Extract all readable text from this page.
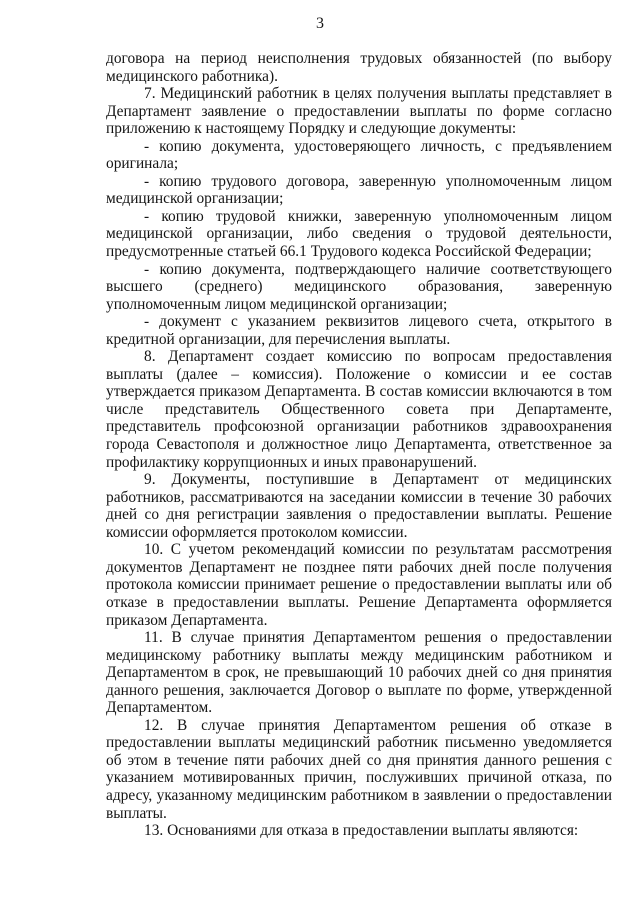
3

договора на период неисполнения трудовых обязанностей (по выбору медицинского работника).

7. Медицинский работник в целях получения выплаты представляет в Департамент заявление о предоставлении выплаты по форме согласно приложению к настоящему Порядку и следующие документы:

- копию документа, удостоверяющего личность, с предъявлением оригинала;

- копию трудового договора, заверенную уполномоченным лицом медицинской организации;

- копию трудовой книжки, заверенную уполномоченным лицом медицинской организации, либо сведения о трудовой деятельности, предусмотренные статьей 66.1 Трудового кодекса Российской Федерации;

- копию документа, подтверждающего наличие соответствующего высшего (среднего) медицинского образования, заверенную уполномоченным лицом медицинской организации;

- документ с указанием реквизитов лицевого счета, открытого в кредитной организации, для перечисления выплаты.

8. Департамент создает комиссию по вопросам предоставления выплаты (далее – комиссия). Положение о комиссии и ее состав утверждается приказом Департамента. В состав комиссии включаются в том числе представитель Общественного совета при Департаменте, представитель профсоюзной организации работников здравоохранения города Севастополя и должностное лицо Департамента, ответственное за профилактику коррупционных и иных правонарушений.

9. Документы, поступившие в Департамент от медицинских работников, рассматриваются на заседании комиссии в течение 30 рабочих дней со дня регистрации заявления о предоставлении выплаты. Решение комиссии оформляется протоколом комиссии.

10. С учетом рекомендаций комиссии по результатам рассмотрения документов Департамент не позднее пяти рабочих дней после получения протокола комиссии принимает решение о предоставлении выплаты или об отказе в предоставлении выплаты. Решение Департамента оформляется приказом Департамента.

11. В случае принятия Департаментом решения о предоставлении медицинскому работнику выплаты между медицинским работником и Департаментом в срок, не превышающий 10 рабочих дней со дня принятия данного решения, заключается Договор о выплате по форме, утвержденной Департаментом.

12. В случае принятия Департаментом решения об отказе в предоставлении выплаты медицинский работник письменно уведомляется об этом в течение пяти рабочих дней со дня принятия данного решения с указанием мотивированных причин, послуживших причиной отказа, по адресу, указанному медицинским работником в заявлении о предоставлении выплаты.

13. Основаниями для отказа в предоставлении выплаты являются:
